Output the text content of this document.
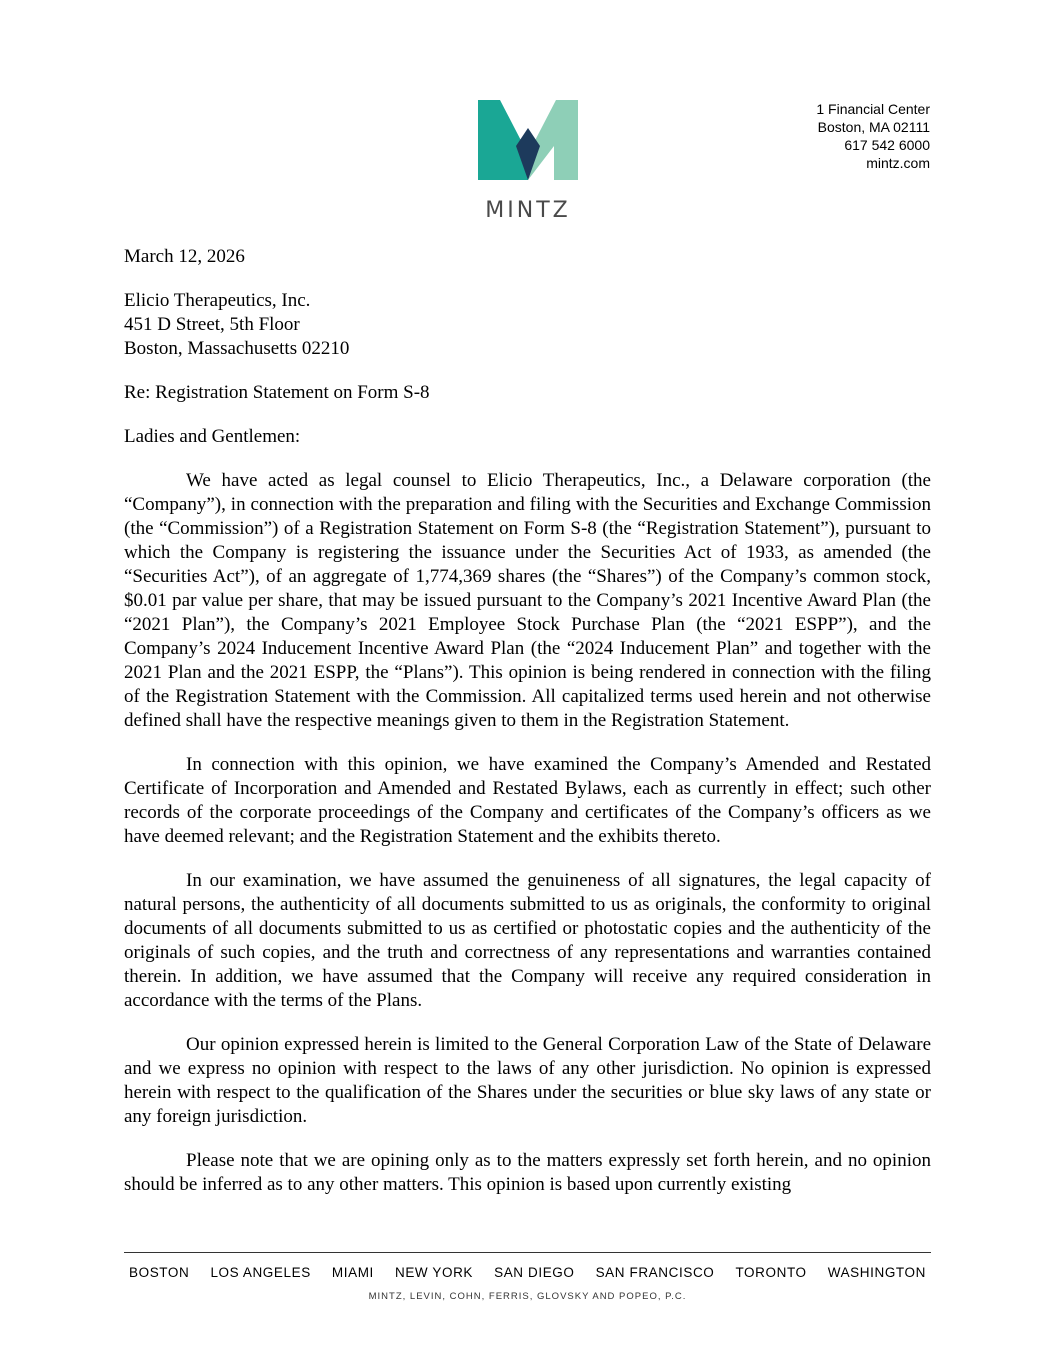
MINTZ
1 Financial Center
Boston, MA 02111
617 542 6000
mintz.com

March 12, 2026

Elicio Therapeutics, Inc.
451 D Street, 5th Floor
Boston, Massachusetts 02210

Re: Registration Statement on Form S-8

Ladies and Gentlemen:

We have acted as legal counsel to Elicio Therapeutics, Inc., a Delaware corporation (the “Company”), in connection with the preparation and filing with the Securities and Exchange Commission (the “Commission”) of a Registration Statement on Form S-8 (the “Registration Statement”), pursuant to which the Company is registering the issuance under the Securities Act of 1933, as amended (the “Securities Act”), of an aggregate of 1,774,369 shares (the “Shares”) of the Company’s common stock, $0.01 par value per share, that may be issued pursuant to the Company’s 2021 Incentive Award Plan (the “2021 Plan”), the Company’s 2021 Employee Stock Purchase Plan (the “2021 ESPP”), and the Company’s 2024 Inducement Incentive Award Plan (the “2024 Inducement Plan” and together with the 2021 Plan and the 2021 ESPP, the “Plans”). This opinion is being rendered in connection with the filing of the Registration Statement with the Commission. All capitalized terms used herein and not otherwise defined shall have the respective meanings given to them in the Registration Statement.

In connection with this opinion, we have examined the Company’s Amended and Restated Certificate of Incorporation and Amended and Restated Bylaws, each as currently in effect; such other records of the corporate proceedings of the Company and certificates of the Company’s officers as we have deemed relevant; and the Registration Statement and the exhibits thereto.

In our examination, we have assumed the genuineness of all signatures, the legal capacity of natural persons, the authenticity of all documents submitted to us as originals, the conformity to original documents of all documents submitted to us as certified or photostatic copies and the authenticity of the originals of such copies, and the truth and correctness of any representations and warranties contained therein. In addition, we have assumed that the Company will receive any required consideration in accordance with the terms of the Plans.

Our opinion expressed herein is limited to the General Corporation Law of the State of Delaware and we express no opinion with respect to the laws of any other jurisdiction. No opinion is expressed herein with respect to the qualification of the Shares under the securities or blue sky laws of any state or any foreign jurisdiction.

Please note that we are opining only as to the matters expressly set forth herein, and no opinion should be inferred as to any other matters. This opinion is based upon currently existing

BOSTON LOS ANGELES MIAMI NEW YORK SAN DIEGO SAN FRANCISCO TORONTO WASHINGTON
MINTZ, LEVIN, COHN, FERRIS, GLOVSKY AND POPEO, P.C.
